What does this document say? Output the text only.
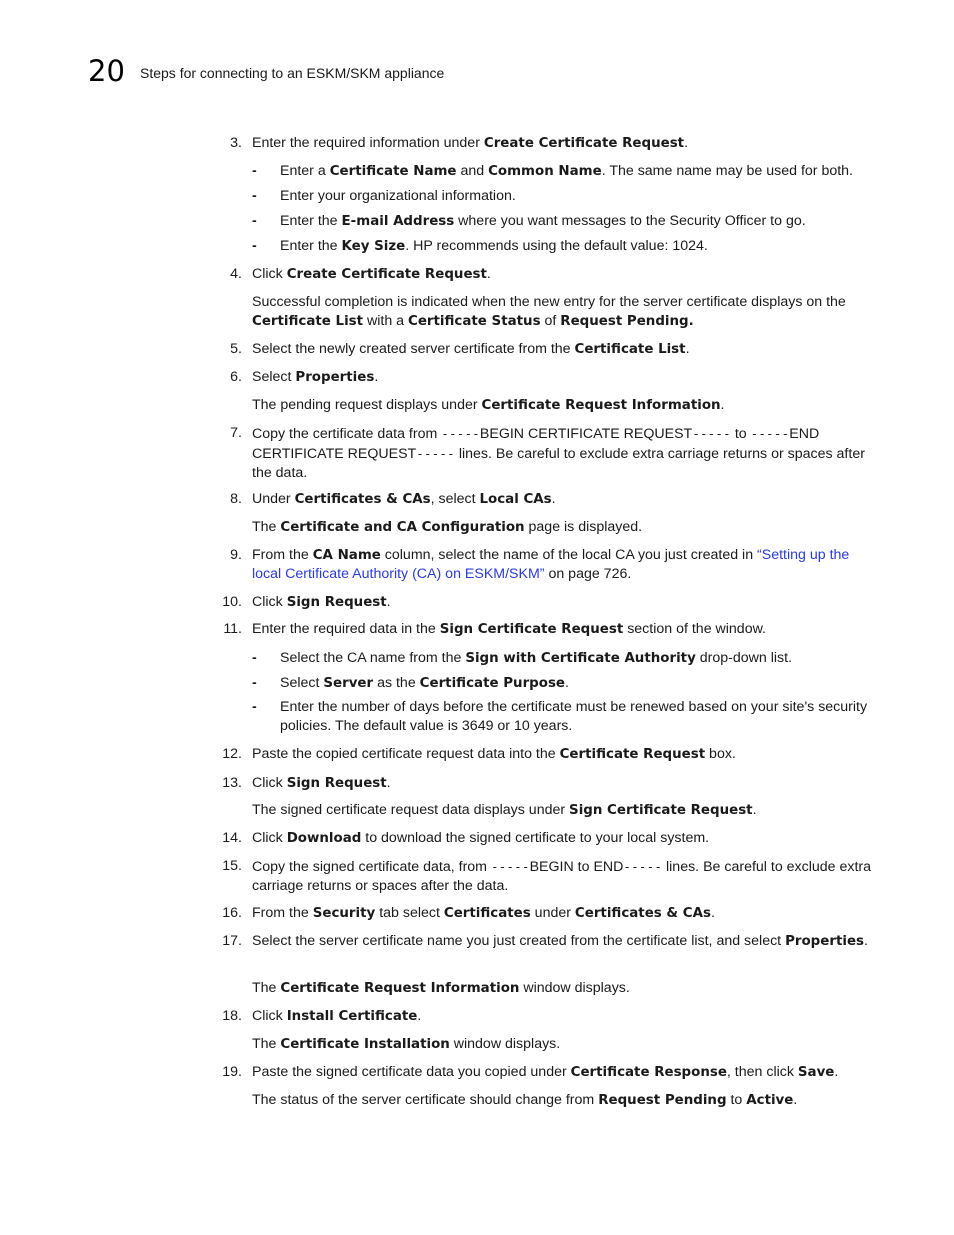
20 Steps for connecting to an ESKM/SKM appliance
3. Enter the required information under Create Certificate Request.
- Enter a Certificate Name and Common Name. The same name may be used for both.
- Enter your organizational information.
- Enter the E-mail Address where you want messages to the Security Officer to go.
- Enter the Key Size. HP recommends using the default value: 1024.
4. Click Create Certificate Request.
Successful completion is indicated when the new entry for the server certificate displays on the Certificate List with a Certificate Status of Request Pending.
5. Select the newly created server certificate from the Certificate List.
6. Select Properties.
The pending request displays under Certificate Request Information.
7. Copy the certificate data from -----BEGIN CERTIFICATE REQUEST----- to -----END CERTIFICATE REQUEST----- lines. Be careful to exclude extra carriage returns or spaces after the data.
8. Under Certificates & CAs, select Local CAs.
The Certificate and CA Configuration page is displayed.
9. From the CA Name column, select the name of the local CA you just created in “Setting up the local Certificate Authority (CA) on ESKM/SKM” on page 726.
10. Click Sign Request.
11. Enter the required data in the Sign Certificate Request section of the window.
- Select the CA name from the Sign with Certificate Authority drop-down list.
- Select Server as the Certificate Purpose.
- Enter the number of days before the certificate must be renewed based on your site's security policies. The default value is 3649 or 10 years.
12. Paste the copied certificate request data into the Certificate Request box.
13. Click Sign Request.
The signed certificate request data displays under Sign Certificate Request.
14. Click Download to download the signed certificate to your local system.
15. Copy the signed certificate data, from -----BEGIN to END----- lines. Be careful to exclude extra carriage returns or spaces after the data.
16. From the Security tab select Certificates under Certificates & CAs.
17. Select the server certificate name you just created from the certificate list, and select Properties.
The Certificate Request Information window displays.
18. Click Install Certificate.
The Certificate Installation window displays.
19. Paste the signed certificate data you copied under Certificate Response, then click Save.
The status of the server certificate should change from Request Pending to Active.
